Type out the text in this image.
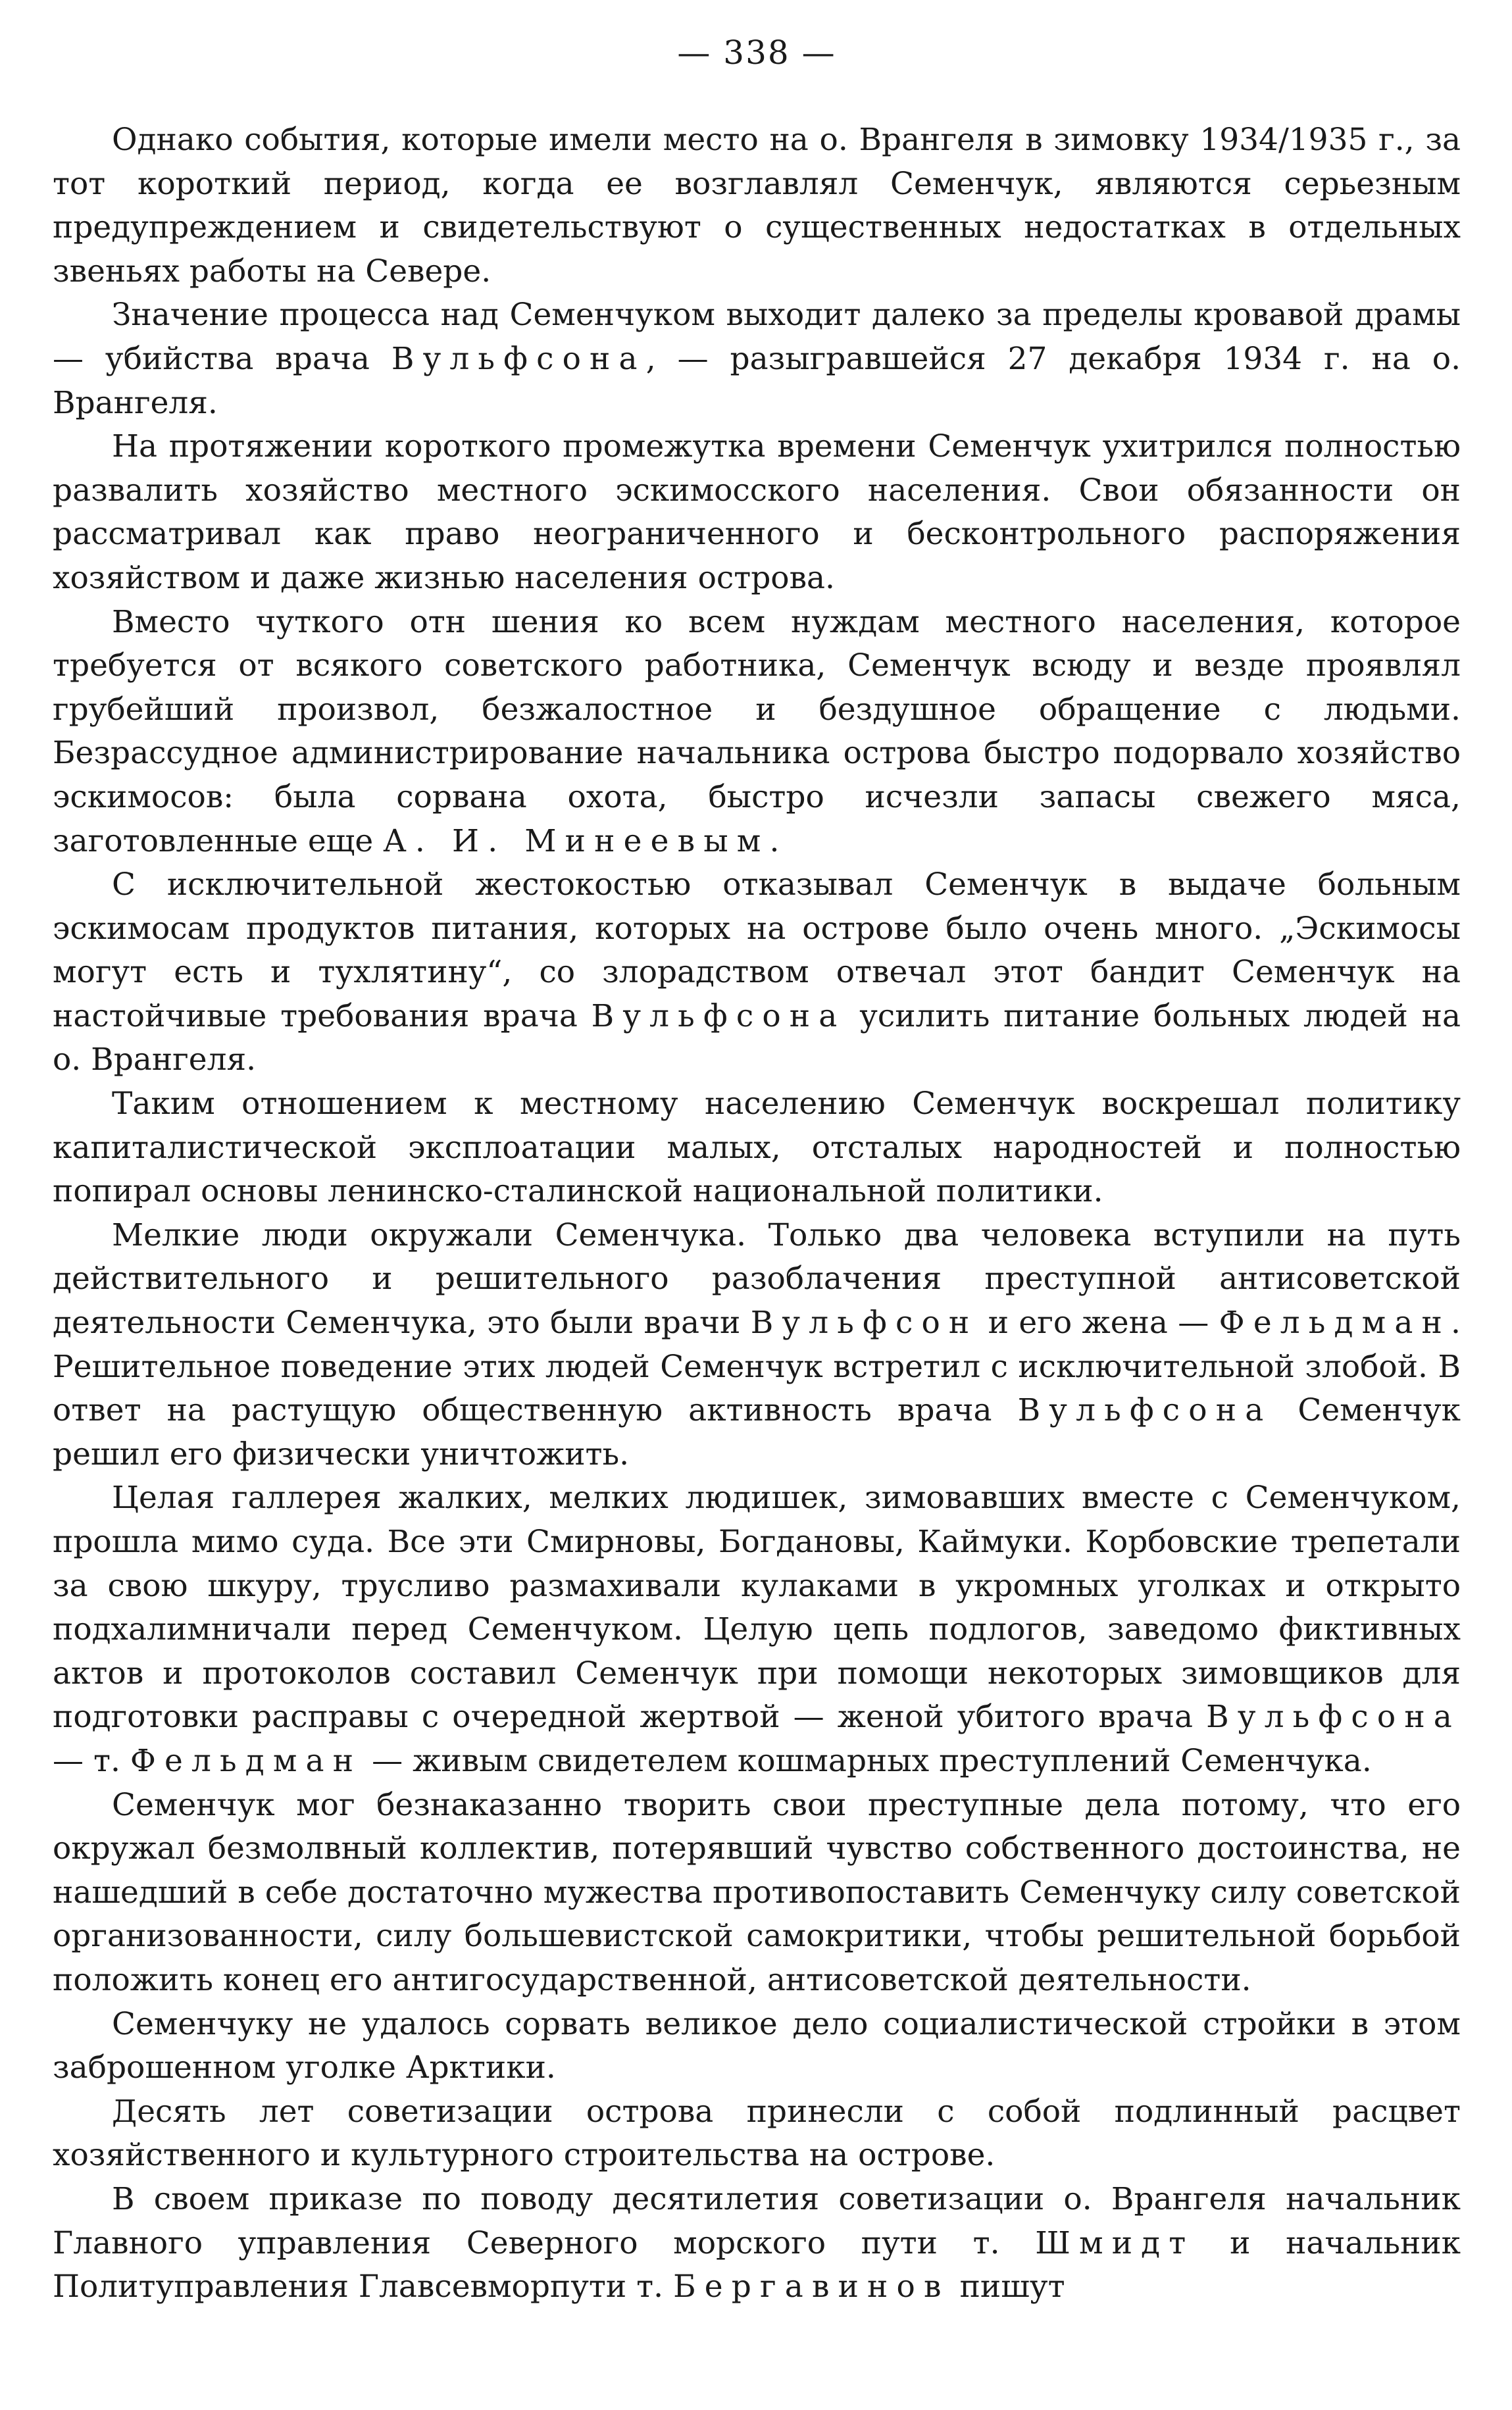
— 338 —

Однако события, которые имели место на о. Врангеля в зимовку 1934/1935 г., за тот короткий период, когда ее возглавлял Семенчук, являются серьезным предупреждением и свидетельствуют о существенных недостатках в отдельных звеньях работы на Севере.

Значение процесса над Семенчуком выходит далеко за пределы кровавой драмы — убийства врача Вульфсона, — разыгравшейся 27 декабря 1934 г. на о. Врангеля.

На протяжении короткого промежутка времени Семенчук ухитрился полностью развалить хозяйство местного эскимосского населения. Свои обязанности он рассматривал как право неограниченного и бесконтрольного распоряжения хозяйством и даже жизнью населения острова.

Вместо чуткого отн шения ко всем нуждам местного населения, которое требуется от всякого советского работника, Семенчук всюду и везде проявлял грубейший произвол, безжалостное и бездушное обращение с людьми. Безрассудное администрирование начальника острова быстро подорвало хозяйство эскимосов: была сорвана охота, быстро исчезли запасы свежего мяса, заготовленные еще А. И. Минеевым.

С исключительной жестокостью отказывал Семенчук в выдаче больным эскимосам продуктов питания, которых на острове было очень много. „Эскимосы могут есть и тухлятину“, со злорадством отвечал этот бандит Семенчук на настойчивые требования врача Вульфсона усилить питание больных людей на о. Врангеля.

Таким отношением к местному населению Семенчук воскрешал политику капиталистической эксплоатации малых, отсталых народностей и полностью попирал основы ленинско-сталинской национальной политики.

Мелкие люди окружали Семенчука. Только два человека вступили на путь действительного и решительного разоблачения преступной антисоветской деятельности Семенчука, это были врачи Вульфсон и его жена — Фельдман. Решительное поведение этих людей Семенчук встретил с исключительной злобой. В ответ на растущую общественную активность врача Вульфсона Семенчук решил его физически уничтожить.

Целая галлерея жалких, мелких людишек, зимовавших вместе с Семенчуком, прошла мимо суда. Все эти Смирновы, Богдановы, Каймуки. Корбовские трепетали за свою шкуру, трусливо размахивали кулаками в укромных уголках и открыто подхалимничали перед Семенчуком. Целую цепь подлогов, заведомо фиктивных актов и протоколов составил Семенчук при помощи некоторых зимовщиков для подготовки расправы с очередной жертвой — женой убитого врача Вульфсона — т. Фельдман — живым свидетелем кошмарных преступлений Семенчука.

Семенчук мог безнаказанно творить свои преступные дела потому, что его окружал безмолвный коллектив, потерявший чувство собственного достоинства, не нашедший в себе достаточно мужества противопоставить Семенчуку силу советской организованности, силу большевистской самокритики, чтобы решительной борьбой положить конец его антигосударственной, антисоветской деятельности.

Семенчуку не удалось сорвать великое дело социалистической стройки в этом заброшенном уголке Арктики.

Десять лет советизации острова принесли с собой подлинный расцвет хозяйственного и культурного строительства на острове.

В своем приказе по поводу десятилетия советизации о. Врангеля начальник Главного управления Северного морского пути т. Шмидт и начальник Политуправления Главсевморпути т. Бергавинов пишут
